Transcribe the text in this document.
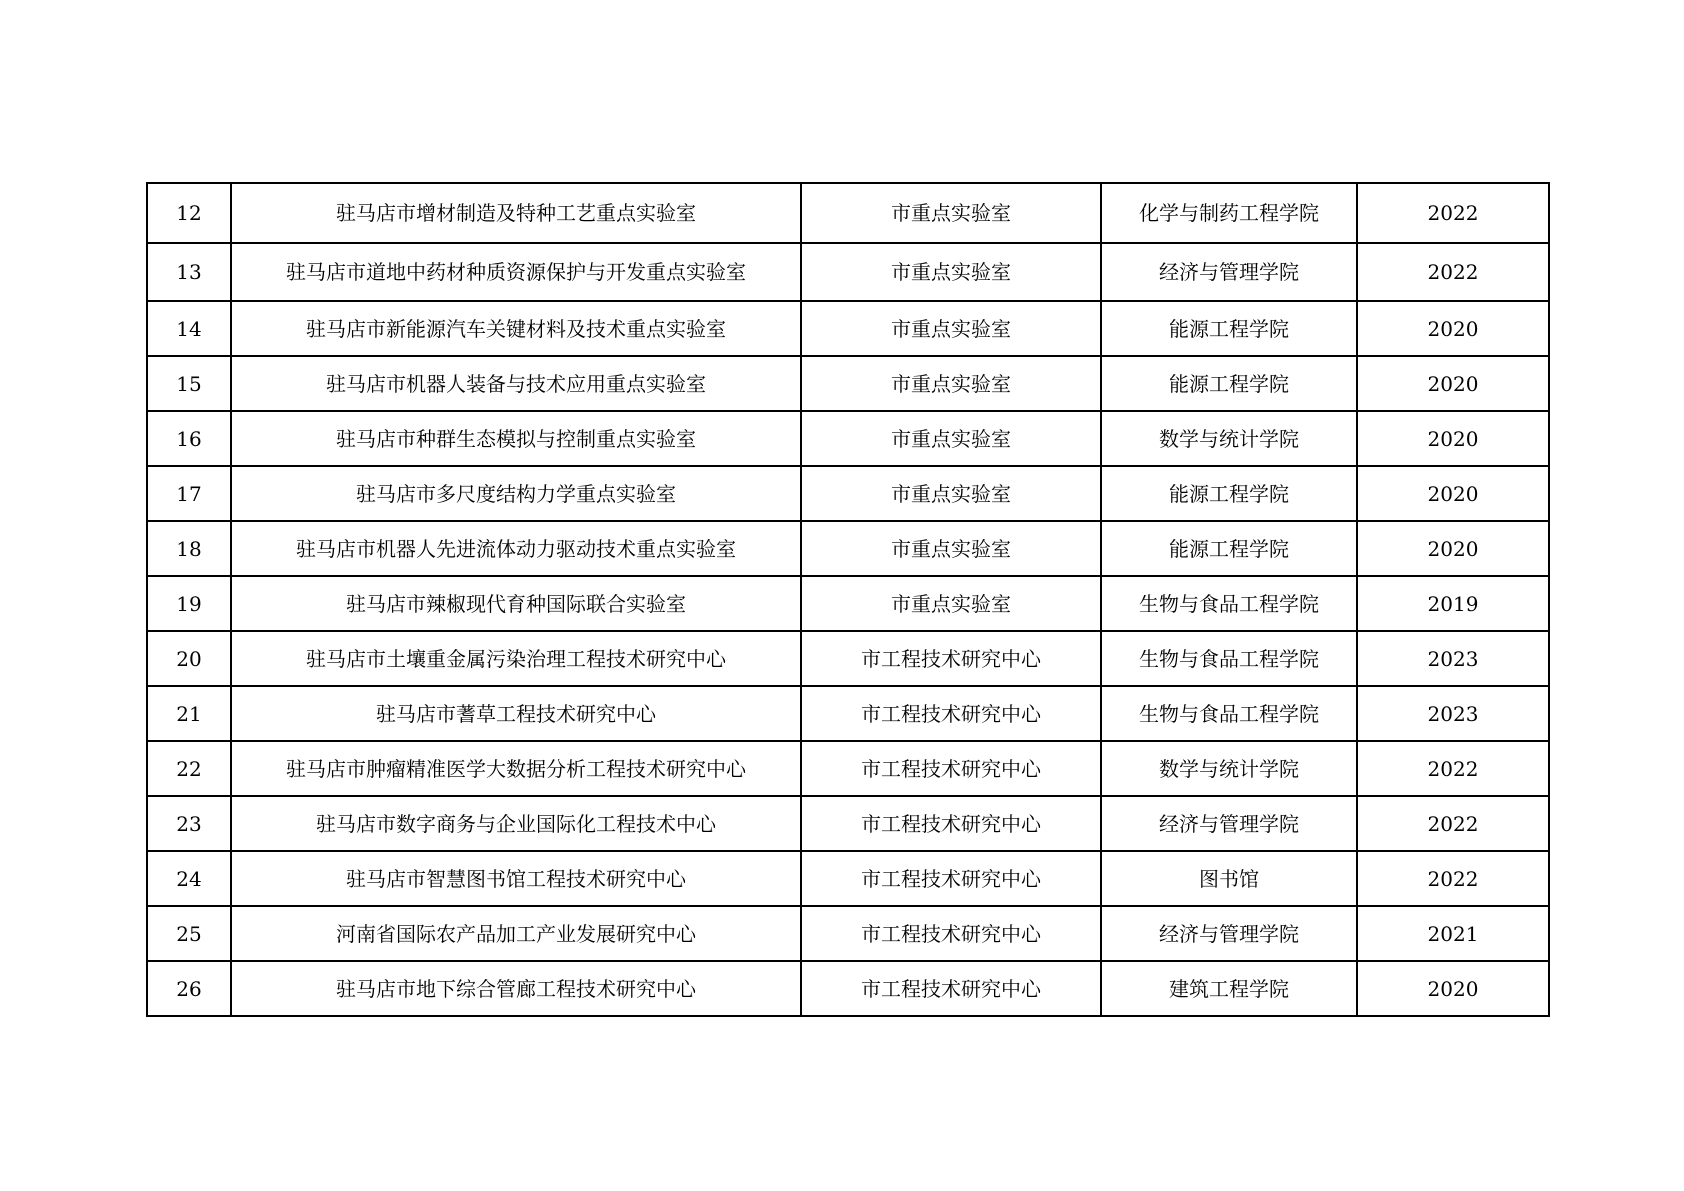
12	驻马店市增材制造及特种工艺重点实验室	市重点实验室	化学与制药工程学院	2022
13	驻马店市道地中药材种质资源保护与开发重点实验室	市重点实验室	经济与管理学院	2022
14	驻马店市新能源汽车关键材料及技术重点实验室	市重点实验室	能源工程学院	2020
15	驻马店市机器人装备与技术应用重点实验室	市重点实验室	能源工程学院	2020
16	驻马店市种群生态模拟与控制重点实验室	市重点实验室	数学与统计学院	2020
17	驻马店市多尺度结构力学重点实验室	市重点实验室	能源工程学院	2020
18	驻马店市机器人先进流体动力驱动技术重点实验室	市重点实验室	能源工程学院	2020
19	驻马店市辣椒现代育种国际联合实验室	市重点实验室	生物与食品工程学院	2019
20	驻马店市土壤重金属污染治理工程技术研究中心	市工程技术研究中心	生物与食品工程学院	2023
21	驻马店市蓍草工程技术研究中心	市工程技术研究中心	生物与食品工程学院	2023
22	驻马店市肿瘤精准医学大数据分析工程技术研究中心	市工程技术研究中心	数学与统计学院	2022
23	驻马店市数字商务与企业国际化工程技术中心	市工程技术研究中心	经济与管理学院	2022
24	驻马店市智慧图书馆工程技术研究中心	市工程技术研究中心	图书馆	2022
25	河南省国际农产品加工产业发展研究中心	市工程技术研究中心	经济与管理学院	2021
26	驻马店市地下综合管廊工程技术研究中心	市工程技术研究中心	建筑工程学院	2020
